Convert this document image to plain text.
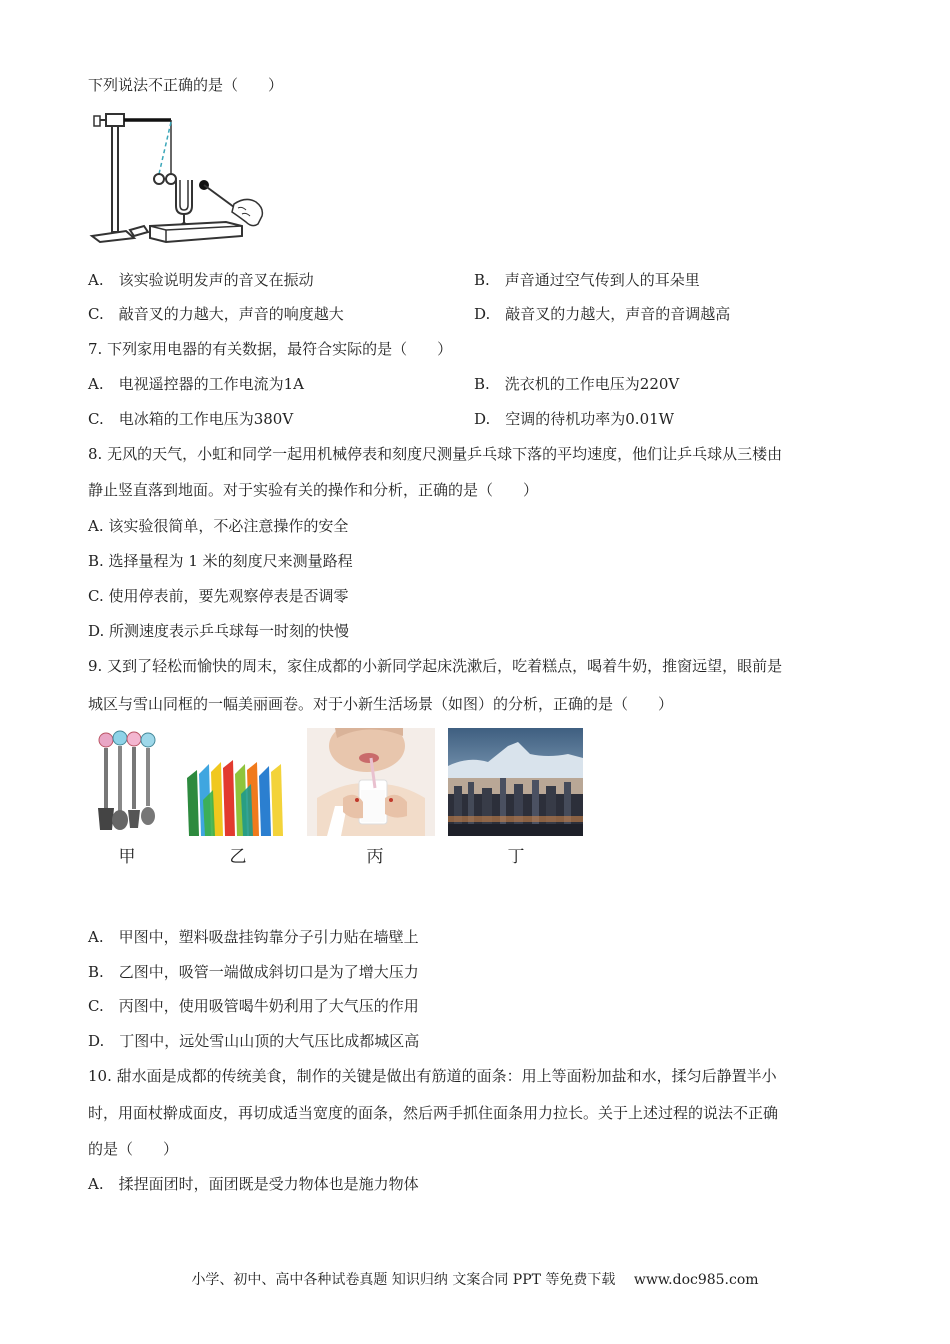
下列说法不正确的是（　　）
A.　该实验说明发声的音叉在振动	B.　声音通过空气传到人的耳朵里
C.　敲音叉的力越大，声音的响度越大	D.　敲音叉的力越大，声音的音调越高
7. 下列家用电器的有关数据，最符合实际的是（　　）
A.　电视遥控器的工作电流为1A	B.　洗衣机的工作电压为220V
C.　电冰箱的工作电压为380V	D.　空调的待机功率为0.01W
8. 无风的天气，小虹和同学一起用机械停表和刻度尺测量乒乓球下落的平均速度，他们让乒乓球从三楼由
静止竖直落到地面。对于实验有关的操作和分析，正确的是（　　）
A. 该实验很简单，不必注意操作的安全
B. 选择量程为 1 米的刻度尺来测量路程
C. 使用停表前，要先观察停表是否调零
D. 所测速度表示乒乓球每一时刻的快慢
9. 又到了轻松而愉快的周末，家住成都的小新同学起床洗漱后，吃着糕点，喝着牛奶，推窗远望，眼前是
城区与雪山同框的一幅美丽画卷。对于小新生活场景（如图）的分析，正确的是（　　）
甲	乙	丙	丁
A.　甲图中，塑料吸盘挂钩靠分子引力贴在墙壁上
B.　乙图中，吸管一端做成斜切口是为了增大压力
C.　丙图中，使用吸管喝牛奶利用了大气压的作用
D.　丁图中，远处雪山山顶的大气压比成都城区高
10. 甜水面是成都的传统美食，制作的关键是做出有筋道的面条：用上等面粉加盐和水，揉匀后静置半小
时，用面杖擀成面皮，再切成适当宽度的面条，然后两手抓住面条用力拉长。关于上述过程的说法不正确
的是（　　）
A.　揉捏面团时，面团既是受力物体也是施力物体
小学、初中、高中各种试卷真题 知识归纳 文案合同 PPT 等免费下载　 www.doc985.com
